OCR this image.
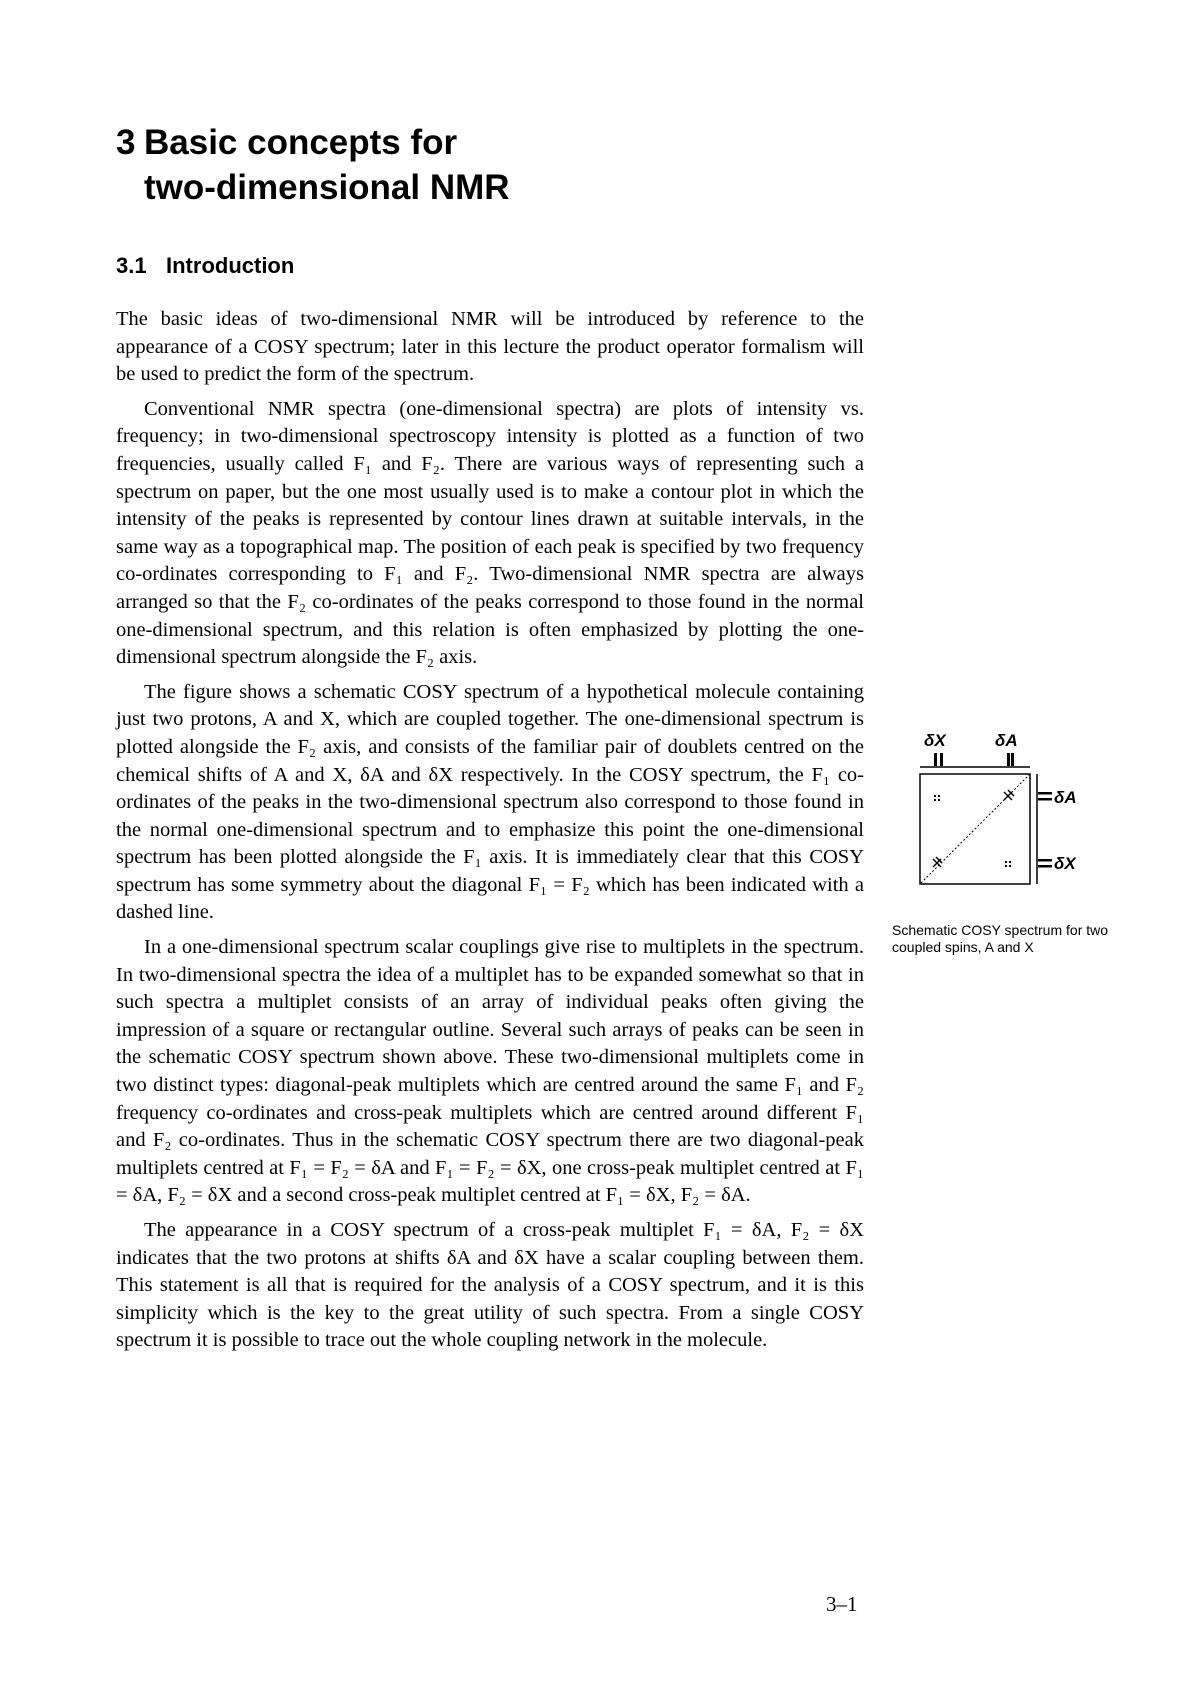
3 Basic concepts for
two-dimensional NMR
3.1 Introduction

The basic ideas of two-dimensional NMR will be introduced by reference to the appearance of a COSY spectrum; later in this lecture the product operator formalism will be used to predict the form of the spectrum.

Conventional NMR spectra (one-dimensional spectra) are plots of intensity vs. frequency; in two-dimensional spectroscopy intensity is plotted as a function of two frequencies, usually called F₁ and F₂. There are various ways of representing such a spectrum on paper, but the one most usually used is to make a contour plot in which the intensity of the peaks is represented by contour lines drawn at suitable intervals, in the same way as a topographical map. The position of each peak is specified by two frequency co-ordinates corresponding to F₁ and F₂. Two-dimensional NMR spectra are always arranged so that the F₂ co-ordinates of the peaks correspond to those found in the normal one-dimensional spectrum, and this relation is often emphasized by plotting the one-dimensional spectrum alongside the F₂ axis.

The figure shows a schematic COSY spectrum of a hypothetical molecule containing just two protons, A and X, which are coupled together. The one-dimensional spectrum is plotted alongside the F₂ axis, and consists of the familiar pair of doublets centred on the chemical shifts of A and X, δA and δX respectively. In the COSY spectrum, the F₁ co-ordinates of the peaks in the two-dimensional spectrum also correspond to those found in the normal one-dimensional spectrum and to emphasize this point the one-dimensional spectrum has been plotted alongside the F₁ axis. It is immediately clear that this COSY spectrum has some symmetry about the diagonal F₁ = F₂ which has been indicated with a dashed line.

In a one-dimensional spectrum scalar couplings give rise to multiplets in the spectrum. In two-dimensional spectra the idea of a multiplet has to be expanded somewhat so that in such spectra a multiplet consists of an array of individual peaks often giving the impression of a square or rectangular outline. Several such arrays of peaks can be seen in the schematic COSY spectrum shown above. These two-dimensional multiplets come in two distinct types: diagonal-peak multiplets which are centred around the same F₁ and F₂ frequency co-ordinates and cross-peak multiplets which are centred around different F₁ and F₂ co-ordinates. Thus in the schematic COSY spectrum there are two diagonal-peak multiplets centred at F₁ = F₂ = δA and F₁ = F₂ = δX, one cross-peak multiplet centred at F₁ = δA, F₂ = δX and a second cross-peak multiplet centred at F₁ = δX, F₂ = δA.

The appearance in a COSY spectrum of a cross-peak multiplet F₁ = δA, F₂ = δX indicates that the two protons at shifts δA and δX have a scalar coupling between them. This statement is all that is required for the analysis of a COSY spectrum, and it is this simplicity which is the key to the great utility of such spectra. From a single COSY spectrum it is possible to trace out the whole coupling network in the molecule.

δX	δA
δA
δX

Schematic COSY spectrum for two coupled spins, A and X

3–1
